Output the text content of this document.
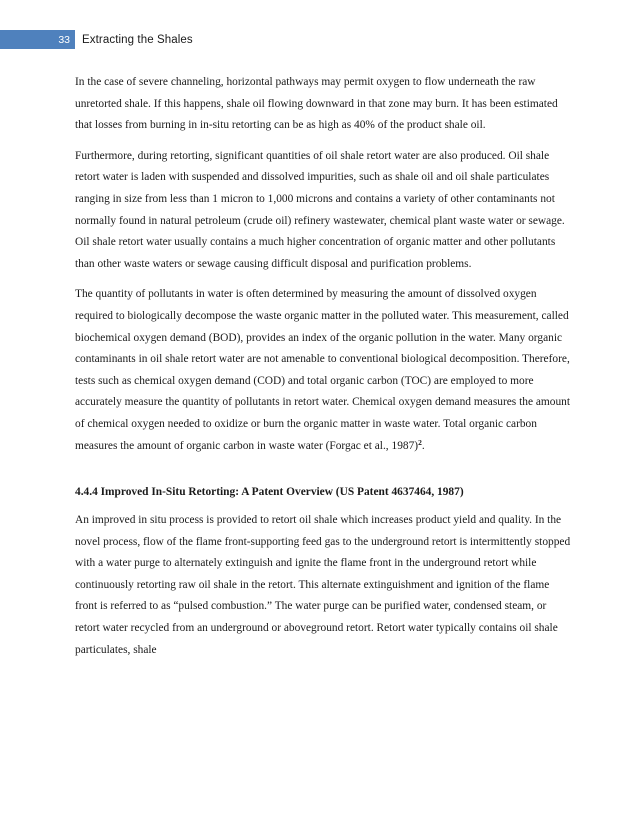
33	Extracting the Shales

In the case of severe channeling, horizontal pathways may permit oxygen to flow underneath the raw unretorted shale. If this happens, shale oil flowing downward in that zone may burn. It has been estimated that losses from burning in in-situ retorting can be as high as 40% of the product shale oil.

Furthermore, during retorting, significant quantities of oil shale retort water are also produced. Oil shale retort water is laden with suspended and dissolved impurities, such as shale oil and oil shale particulates ranging in size from less than 1 micron to 1,000 microns and contains a variety of other contaminants not normally found in natural petroleum (crude oil) refinery wastewater, chemical plant waste water or sewage. Oil shale retort water usually contains a much higher concentration of organic matter and other pollutants than other waste waters or sewage causing difficult disposal and purification problems.

The quantity of pollutants in water is often determined by measuring the amount of dissolved oxygen required to biologically decompose the waste organic matter in the polluted water. This measurement, called biochemical oxygen demand (BOD), provides an index of the organic pollution in the water. Many organic contaminants in oil shale retort water are not amenable to conventional biological decomposition. Therefore, tests such as chemical oxygen demand (COD) and total organic carbon (TOC) are employed to more accurately measure the quantity of pollutants in retort water. Chemical oxygen demand measures the amount of chemical oxygen needed to oxidize or burn the organic matter in waste water. Total organic carbon measures the amount of organic carbon in waste water (Forgac et al., 1987)$^2$.

4.4.4 Improved In-Situ Retorting: A Patent Overview (US Patent 4637464, 1987)

An improved in situ process is provided to retort oil shale which increases product yield and quality. In the novel process, flow of the flame front-supporting feed gas to the underground retort is intermittently stopped with a water purge to alternately extinguish and ignite the flame front in the underground retort while continuously retorting raw oil shale in the retort. This alternate extinguishment and ignition of the flame front is referred to as “pulsed combustion.” The water purge can be purified water, condensed steam, or retort water recycled from an underground or aboveground retort. Retort water typically contains oil shale particulates, shale
